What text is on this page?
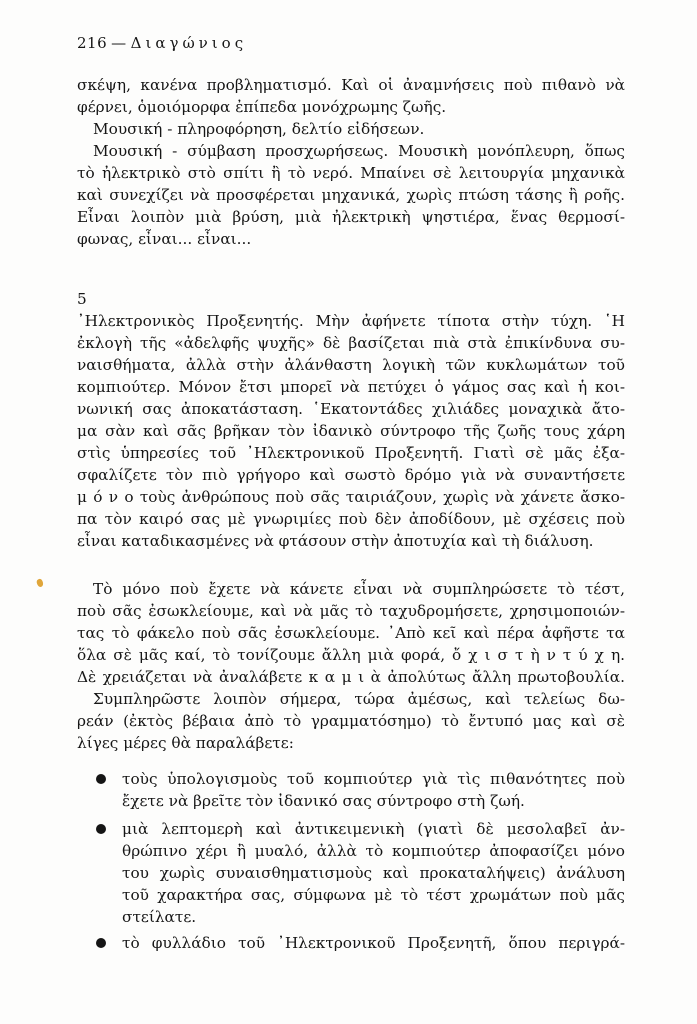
216 — Διαγώνιος
σκέψη, κανένα προβληματισμό. Καὶ οἱ ἀναμνήσεις ποὺ πιθανὸ νὰ
φέρνει, ὁμοιόμορφα ἐπίπεδα μονόχρωμης ζωῆς.
Μουσική - πληροφόρηση, δελτίο εἰδήσεων.
Μουσική - σύμβαση προσχωρήσεως. Μουσικὴ μονόπλευρη, ὅπως
τὸ ἠλεκτρικὸ στὸ σπίτι ἢ τὸ νερό. Μπαίνει σὲ λειτουργία μηχανικὰ
καὶ συνεχίζει νὰ προσφέρεται μηχανικά, χωρὶς πτώση τάσης ἢ ροῆς.
Εἶναι λοιπὸν μιὰ βρύση, μιὰ ἠλεκτρικὴ ψηστιέρα, ἕνας θερμοσί-
φωνας, εἶναι... εἶναι...
5
᾿Ηλεκτρονικὸς Προξενητής. Μὴν ἀφήνετε τίποτα στὴν τύχη. ῾Η
ἐκλογὴ τῆς «ἀδελφῆς ψυχῆς» δὲ βασίζεται πιὰ στὰ ἐπικίνδυνα συ-
ναισθήματα, ἀλλὰ στὴν ἀλάνθαστη λογικὴ τῶν κυκλωμάτων τοῦ
κομπιούτερ. Μόνον ἔτσι μπορεῖ νὰ πετύχει ὁ γάμος σας καὶ ἡ κοι-
νωνική σας ἀποκατάσταση. ῾Εκατοντάδες χιλιάδες μοναχικὰ ἄτο-
μα σὰν καὶ σᾶς βρῆκαν τὸν ἰδανικὸ σύντροφο τῆς ζωῆς τους χάρη
στὶς ὑπηρεσίες τοῦ ᾿Ηλεκτρονικοῦ Προξενητῆ. Γιατὶ σὲ μᾶς ἐξα-
σφαλίζετε τὸν πιὸ γρήγορο καὶ σωστὸ δρόμο γιὰ νὰ συναντήσετε
μ ό ν ο τοὺς ἀνθρώπους ποὺ σᾶς ταιριάζουν, χωρὶς νὰ χάνετε ἄσκο-
πα τὸν καιρό σας μὲ γνωριμίες ποὺ δὲν ἀποδίδουν, μὲ σχέσεις ποὺ
εἶναι καταδικασμένες νὰ φτάσουν στὴν ἀποτυχία καὶ τὴ διάλυση.
Τὸ μόνο ποὺ ἔχετε νὰ κάνετε εἶναι νὰ συμπληρώσετε τὸ τέστ,
ποὺ σᾶς ἐσωκλείουμε, καὶ νὰ μᾶς τὸ ταχυδρομήσετε, χρησιμοποιών-
τας τὸ φάκελο ποὺ σᾶς ἐσωκλείουμε. ᾿Απὸ κεῖ καὶ πέρα ἀφῆστε τα
ὅλα σὲ μᾶς καί, τὸ τονίζουμε ἄλλη μιὰ φορά, ὄ χ ι σ τ ὴ ν τ ύ χ η.
Δὲ χρειάζεται νὰ ἀναλάβετε κ α μ ι ὰ ἀπολύτως ἄλλη πρωτοβουλία.
Συμπληρῶστε λοιπὸν σήμερα, τώρα ἀμέσως, καὶ τελείως δω-
ρεάν (ἐκτὸς βέβαια ἀπὸ τὸ γραμματόσημο) τὸ ἔντυπό μας καὶ σὲ
λίγες μέρες θὰ παραλάβετε:
τοὺς ὑπολογισμοὺς τοῦ κομπιούτερ γιὰ τὶς πιθανότητες ποὺ
ἔχετε νὰ βρεῖτε τὸν ἰδανικό σας σύντροφο στὴ ζωή.
μιὰ λεπτομερὴ καὶ ἀντικειμενικὴ (γιατὶ δὲ μεσολαβεῖ ἀν-
θρώπινο χέρι ἢ μυαλό, ἀλλὰ τὸ κομπιούτερ ἀποφασίζει μόνο
του χωρὶς συναισθηματισμοὺς καὶ προκαταλήψεις) ἀνάλυση
τοῦ χαρακτήρα σας, σύμφωνα μὲ τὸ τέστ χρωμάτων ποὺ μᾶς
στείλατε.
τὸ φυλλάδιο τοῦ ᾿Ηλεκτρονικοῦ Προξενητῆ, ὅπου περιγρά-
